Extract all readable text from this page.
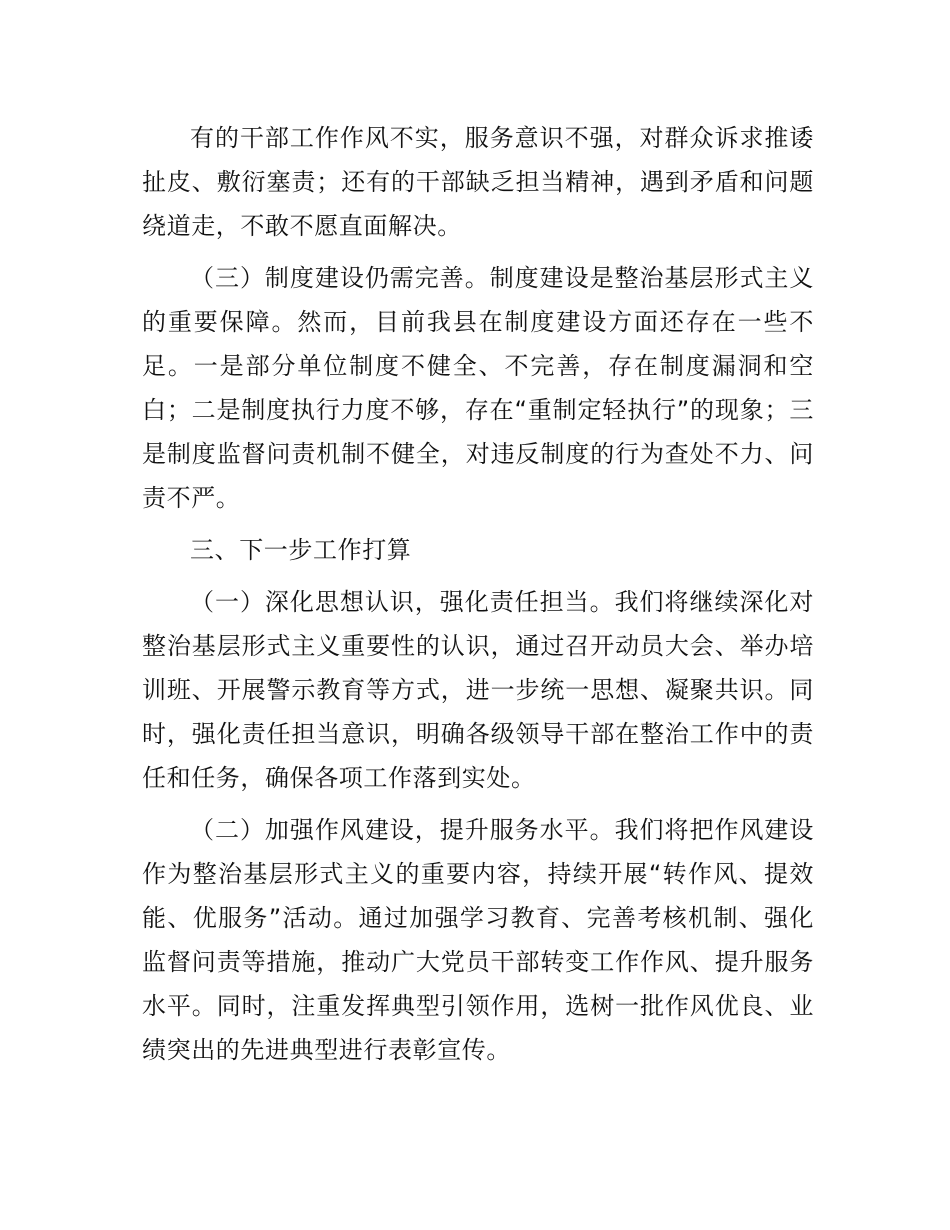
有的干部工作作风不实，服务意识不强，对群众诉求推诿扯皮、敷衍塞责；还有的干部缺乏担当精神，遇到矛盾和问题绕道走，不敢不愿直面解决。

（三）制度建设仍需完善。制度建设是整治基层形式主义的重要保障。然而，目前我县在制度建设方面还存在一些不足。一是部分单位制度不健全、不完善，存在制度漏洞和空白；二是制度执行力度不够，存在“重制定轻执行”的现象；三是制度监督问责机制不健全，对违反制度的行为查处不力、问责不严。

三、下一步工作打算

（一）深化思想认识，强化责任担当。我们将继续深化对整治基层形式主义重要性的认识，通过召开动员大会、举办培训班、开展警示教育等方式，进一步统一思想、凝聚共识。同时，强化责任担当意识，明确各级领导干部在整治工作中的责任和任务，确保各项工作落到实处。

（二）加强作风建设，提升服务水平。我们将把作风建设作为整治基层形式主义的重要内容，持续开展“转作风、提效能、优服务”活动。通过加强学习教育、完善考核机制、强化监督问责等措施，推动广大党员干部转变工作作风、提升服务水平。同时，注重发挥典型引领作用，选树一批作风优良、业绩突出的先进典型进行表彰宣传。
